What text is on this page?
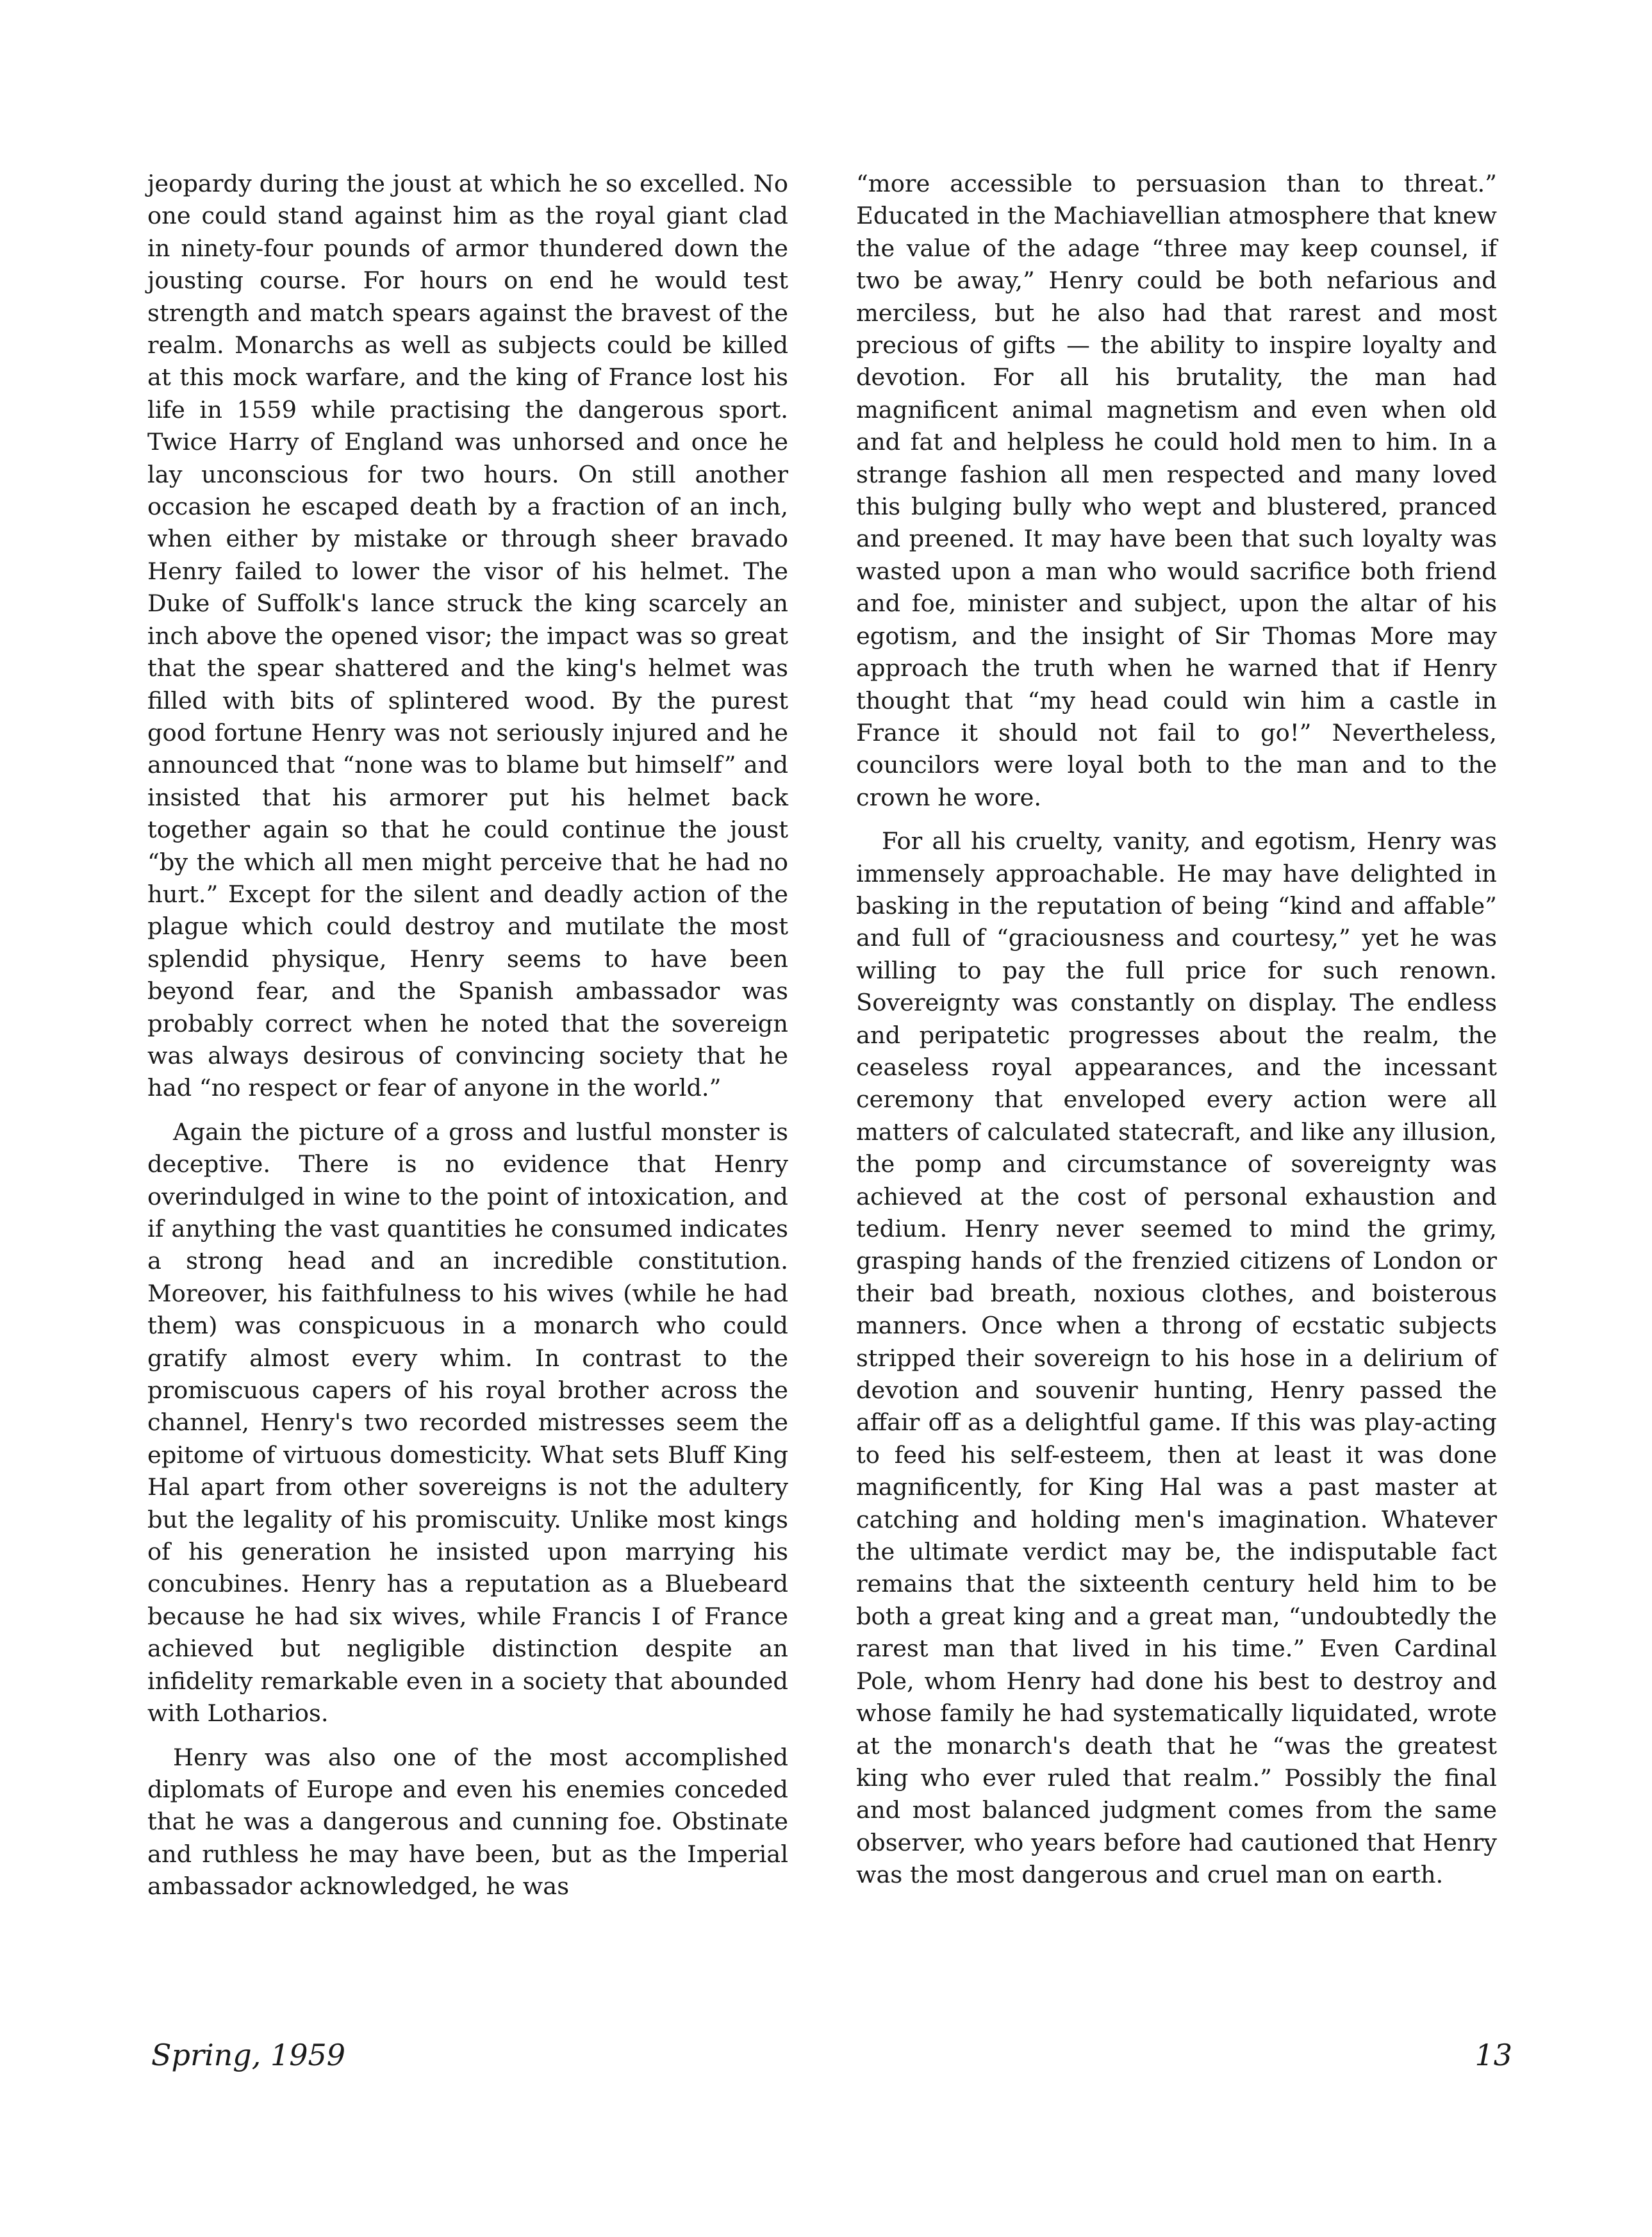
jeopardy during the joust at which he so excelled. No one could stand against him as the royal giant clad in ninety-four pounds of armor thundered down the jousting course. For hours on end he would test strength and match spears against the bravest of the realm. Monarchs as well as subjects could be killed at this mock warfare, and the king of France lost his life in 1559 while practising the dangerous sport. Twice Harry of England was unhorsed and once he lay unconscious for two hours. On still another occasion he escaped death by a fraction of an inch, when either by mistake or through sheer bravado Henry failed to lower the visor of his helmet. The Duke of Suffolk's lance struck the king scarcely an inch above the opened visor; the impact was so great that the spear shattered and the king's helmet was filled with bits of splintered wood. By the purest good fortune Henry was not seriously injured and he announced that “none was to blame but himself” and insisted that his armorer put his helmet back together again so that he could continue the joust “by the which all men might perceive that he had no hurt.” Except for the silent and deadly action of the plague which could destroy and mutilate the most splendid physique, Henry seems to have been beyond fear, and the Spanish ambassador was probably correct when he noted that the sovereign was always desirous of convincing society that he had “no respect or fear of anyone in the world.”

Again the picture of a gross and lustful monster is deceptive. There is no evidence that Henry overindulged in wine to the point of intoxication, and if anything the vast quantities he consumed indicates a strong head and an incredible constitution. Moreover, his faithfulness to his wives (while he had them) was conspicuous in a monarch who could gratify almost every whim. In contrast to the promiscuous capers of his royal brother across the channel, Henry's two recorded mistresses seem the epitome of virtuous domesticity. What sets Bluff King Hal apart from other sovereigns is not the adultery but the legality of his promiscuity. Unlike most kings of his generation he insisted upon marrying his concubines. Henry has a reputation as a Bluebeard because he had six wives, while Francis I of France achieved but negligible distinction despite an infidelity remarkable even in a society that abounded with Lotharios.

Henry was also one of the most accomplished diplomats of Europe and even his enemies conceded that he was a dangerous and cunning foe. Obstinate and ruthless he may have been, but as the Imperial ambassador acknowledged, he was

“more accessible to persuasion than to threat.” Educated in the Machiavellian atmosphere that knew the value of the adage “three may keep counsel, if two be away,” Henry could be both nefarious and merciless, but he also had that rarest and most precious of gifts — the ability to inspire loyalty and devotion. For all his brutality, the man had magnificent animal magnetism and even when old and fat and helpless he could hold men to him. In a strange fashion all men respected and many loved this bulging bully who wept and blustered, pranced and preened. It may have been that such loyalty was wasted upon a man who would sacrifice both friend and foe, minister and subject, upon the altar of his egotism, and the insight of Sir Thomas More may approach the truth when he warned that if Henry thought that “my head could win him a castle in France it should not fail to go!” Nevertheless, councilors were loyal both to the man and to the crown he wore.

For all his cruelty, vanity, and egotism, Henry was immensely approachable. He may have delighted in basking in the reputation of being “kind and affable” and full of “graciousness and courtesy,” yet he was willing to pay the full price for such renown. Sovereignty was constantly on display. The endless and peripatetic progresses about the realm, the ceaseless royal appearances, and the incessant ceremony that enveloped every action were all matters of calculated statecraft, and like any illusion, the pomp and circumstance of sovereignty was achieved at the cost of personal exhaustion and tedium. Henry never seemed to mind the grimy, grasping hands of the frenzied citizens of London or their bad breath, noxious clothes, and boisterous manners. Once when a throng of ecstatic subjects stripped their sovereign to his hose in a delirium of devotion and souvenir hunting, Henry passed the affair off as a delightful game. If this was play-acting to feed his self-esteem, then at least it was done magnificently, for King Hal was a past master at catching and holding men's imagination. Whatever the ultimate verdict may be, the indisputable fact remains that the sixteenth century held him to be both a great king and a great man, “undoubtedly the rarest man that lived in his time.” Even Cardinal Pole, whom Henry had done his best to destroy and whose family he had systematically liquidated, wrote at the monarch's death that he “was the greatest king who ever ruled that realm.” Possibly the final and most balanced judgment comes from the same observer, who years before had cautioned that Henry was the most dangerous and cruel man on earth.

Spring, 1959	13
